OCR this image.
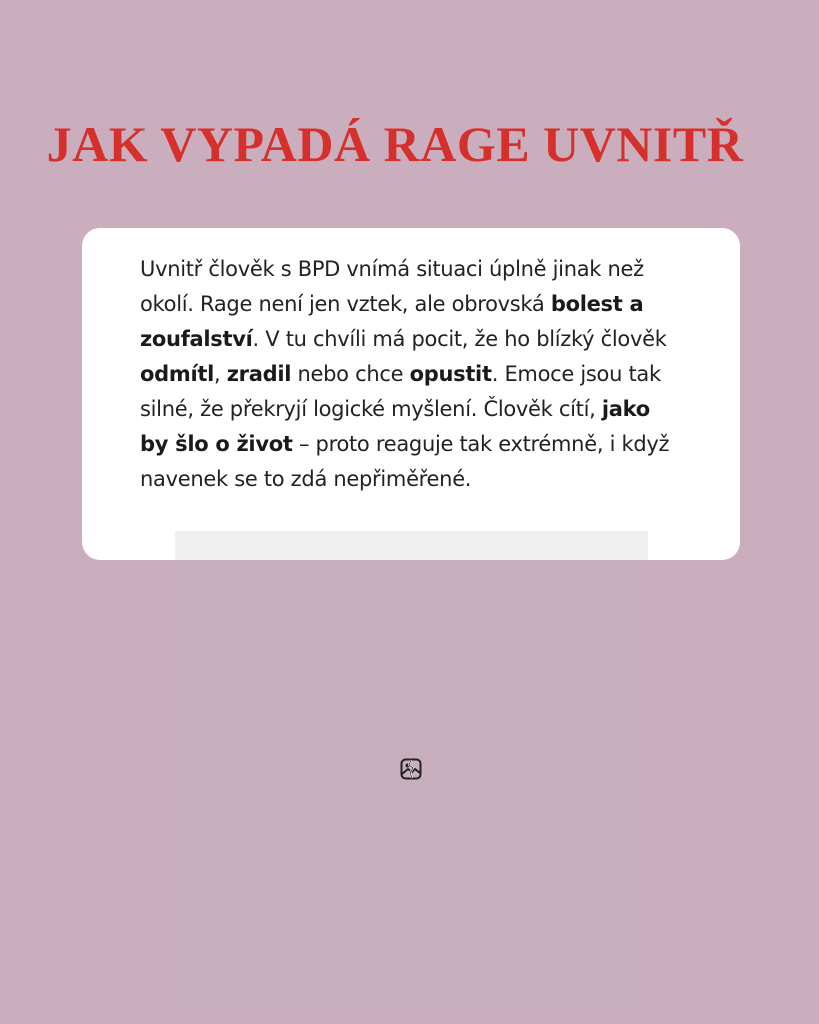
JAK VYPADÁ RAGE UVNITŘ

Uvnitř člověk s BPD vnímá situaci úplně jinak než okolí. Rage není jen vztek, ale obrovská bolest a zoufalství. V tu chvíli má pocit, že ho blízký člověk odmítl, zradil nebo chce opustit. Emoce jsou tak silné, že překryjí logické myšlení. Člověk cítí, jako by šlo o život – proto reaguje tak extrémně, i když navenek se to zdá nepřiměřené.
